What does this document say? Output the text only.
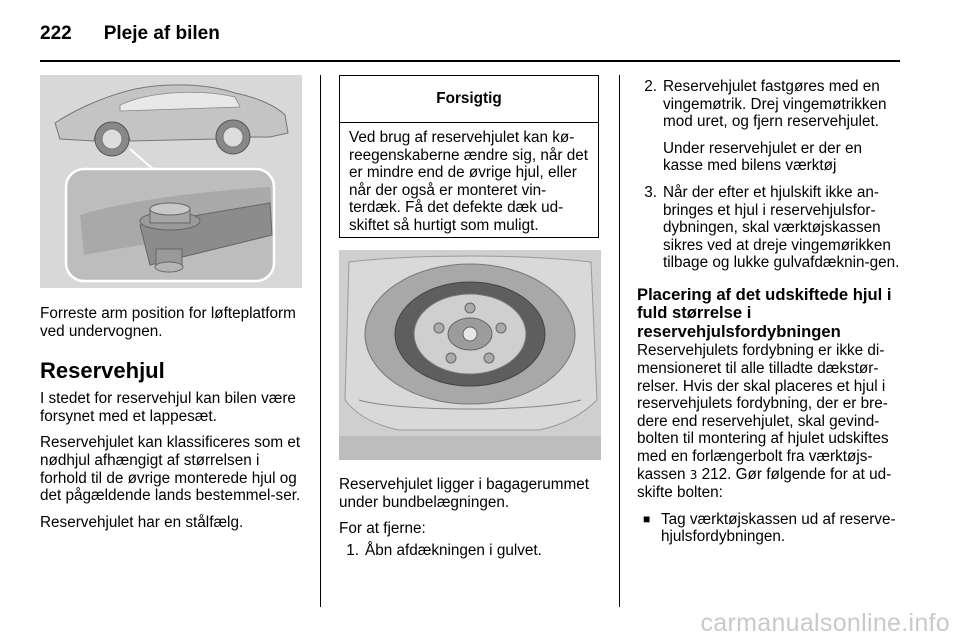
222 Pleje af bilen

Forreste arm position for løfteplatform ved undervognen.

Reservehjul

I stedet for reservehjul kan bilen være forsynet med et lappesæt.

Reservehjulet kan klassificeres som et nødhjul afhængigt af størrelsen i forhold til de øvrige monterede hjul og det pågældende lands bestemmel‐ser.

Reservehjulet har en stålfælg.

Forsigtig
Ved brug af reservehjulet kan kø‐reegenskaberne ændre sig, når det er mindre end de øvrige hjul, eller når der også er monteret vin‐terdæk. Få det defekte dæk ud‐skiftet så hurtigt som muligt.

Reservehjulet ligger i bagagerummet under bundbelægningen.

For at fjerne:

1. Åbn afdækningen i gulvet.
2. Reservehjulet fastgøres med en vingemøtrik. Drej vingemøtrikken mod uret, og fjern reservehjulet.
Under reservehjulet er der en kasse med bilens værktøj
3. Når der efter et hjulskift ikke an‐bringes et hjul i reservehjulsfor‐dybningen, skal værktøjskassen sikres ved at dreje vingemørikken tilbage og lukke gulvafdæknin‐gen.
Placering af det udskiftede hjul i fuld størrelse i reservehjulsfordybningen

Reservehjulets fordybning er ikke di‐mensioneret til alle tilladte dækstør‐relser. Hvis der skal placeres et hjul i reservehjulets fordybning, der er bre‐dere end reservehjulet, skal gevind‐bolten til montering af hjulet udskiftes med en forlængerbolt fra værktøjs‐kassen 3 212. Gør følgende for at ud‐skifte bolten:

■ Tag værktøjskassen ud af reserve‐hjulsfordybningen.
carmanualsonline.info
